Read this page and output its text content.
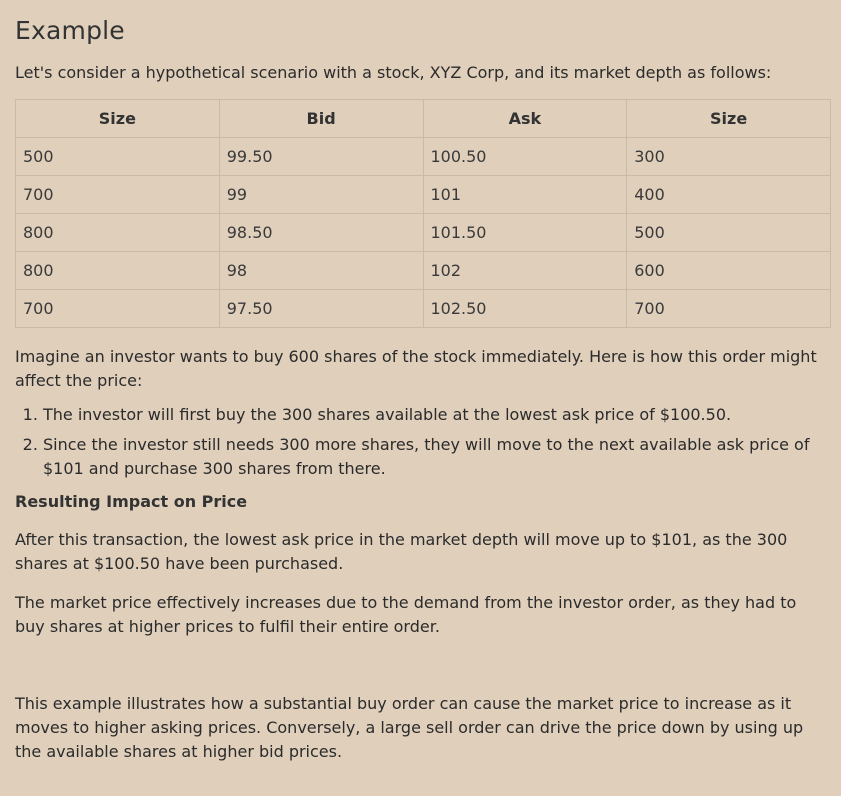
Example

Let's consider a hypothetical scenario with a stock, XYZ Corp, and its market depth as follows:

Size	Bid	Ask	Size
500	99.50	100.50	300
700	99	101	400
800	98.50	101.50	500
800	98	102	600
700	97.50	102.50	700

Imagine an investor wants to buy 600 shares of the stock immediately. Here is how this order might affect the price:

1. The investor will first buy the 300 shares available at the lowest ask price of $100.50.
2. Since the investor still needs 300 more shares, they will move to the next available ask price of $101 and purchase 300 shares from there.
Resulting Impact on Price

After this transaction, the lowest ask price in the market depth will move up to $101, as the 300 shares at $100.50 have been purchased.

The market price effectively increases due to the demand from the investor order, as they had to buy shares at higher prices to fulfil their entire order.

This example illustrates how a substantial buy order can cause the market price to increase as it moves to higher asking prices. Conversely, a large sell order can drive the price down by using up the available shares at higher bid prices.
